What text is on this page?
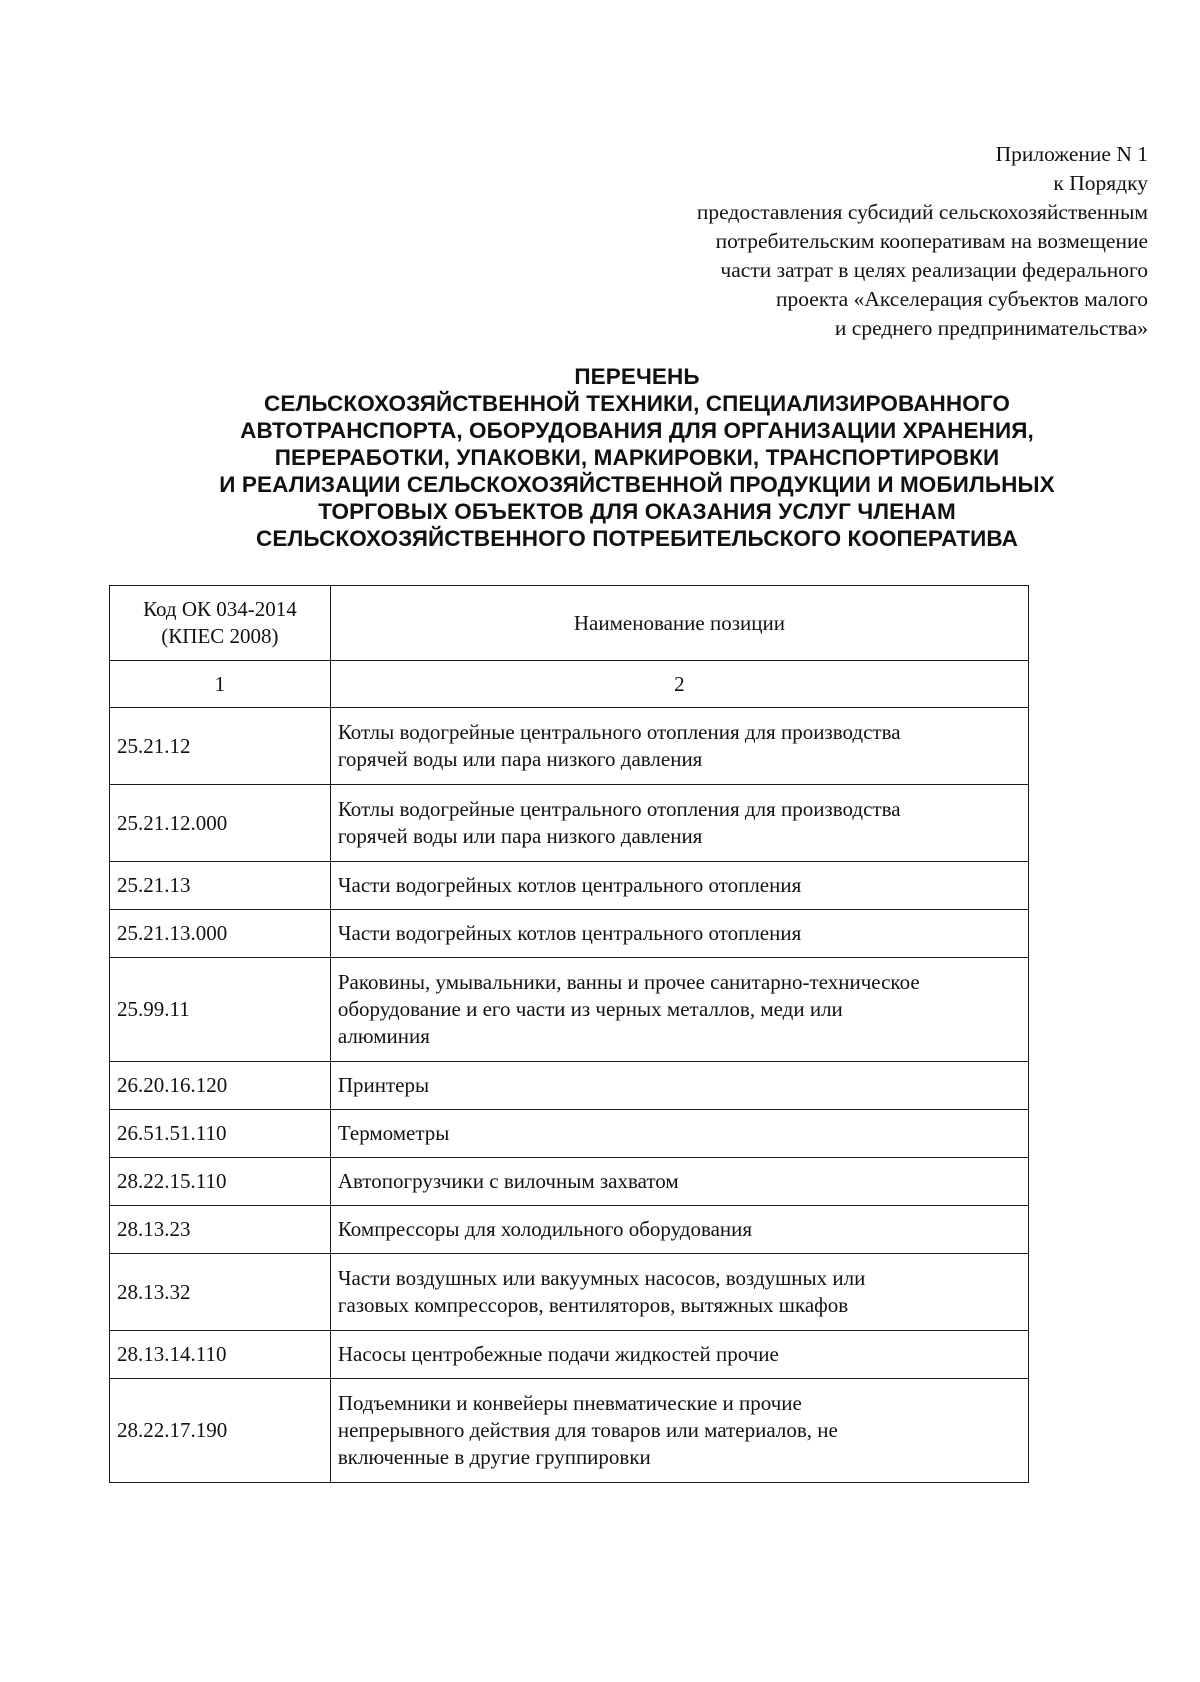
Приложение N 1
к Порядку
предоставления субсидий сельскохозяйственным
потребительским кооперативам на возмещение
части затрат в целях реализации федерального
проекта «Акселерация субъектов малого
и среднего предпринимательства»
ПЕРЕЧЕНЬ
СЕЛЬСКОХОЗЯЙСТВЕННОЙ ТЕХНИКИ, СПЕЦИАЛИЗИРОВАННОГО
АВТОТРАНСПОРТА, ОБОРУДОВАНИЯ ДЛЯ ОРГАНИЗАЦИИ ХРАНЕНИЯ,
ПЕРЕРАБОТКИ, УПАКОВКИ, МАРКИРОВКИ, ТРАНСПОРТИРОВКИ
И РЕАЛИЗАЦИИ СЕЛЬСКОХОЗЯЙСТВЕННОЙ ПРОДУКЦИИ И МОБИЛЬНЫХ
ТОРГОВЫХ ОБЪЕКТОВ ДЛЯ ОКАЗАНИЯ УСЛУГ ЧЛЕНАМ
СЕЛЬСКОХОЗЯЙСТВЕННОГО ПОТРЕБИТЕЛЬСКОГО КООПЕРАТИВА
Код ОК 034-2014
(КПЕС 2008)	Наименование позиции
1	2
25.21.12	Котлы водогрейные центрального отопления для производства
горячей воды или пара низкого давления

25.21.12.000	Котлы водогрейные центрального отопления для производства
горячей воды или пара низкого давления

25.21.13	Части водогрейных котлов центрального отопления

25.21.13.000	Части водогрейных котлов центрального отопления

25.99.11	Раковины, умывальники, ванны и прочее санитарно-техническое
оборудование и его части из черных металлов, меди или
алюминия

26.20.16.120	Принтеры

26.51.51.110	Термометры

28.22.15.110	Автопогрузчики с вилочным захватом

28.13.23	Компрессоры для холодильного оборудования

28.13.32	Части воздушных или вакуумных насосов, воздушных или
газовых компрессоров, вентиляторов, вытяжных шкафов

28.13.14.110	Насосы центробежные подачи жидкостей прочие

28.22.17.190	Подъемники и конвейеры пневматические и прочие
непрерывного действия для товаров или материалов, не
включенные в другие группировки
